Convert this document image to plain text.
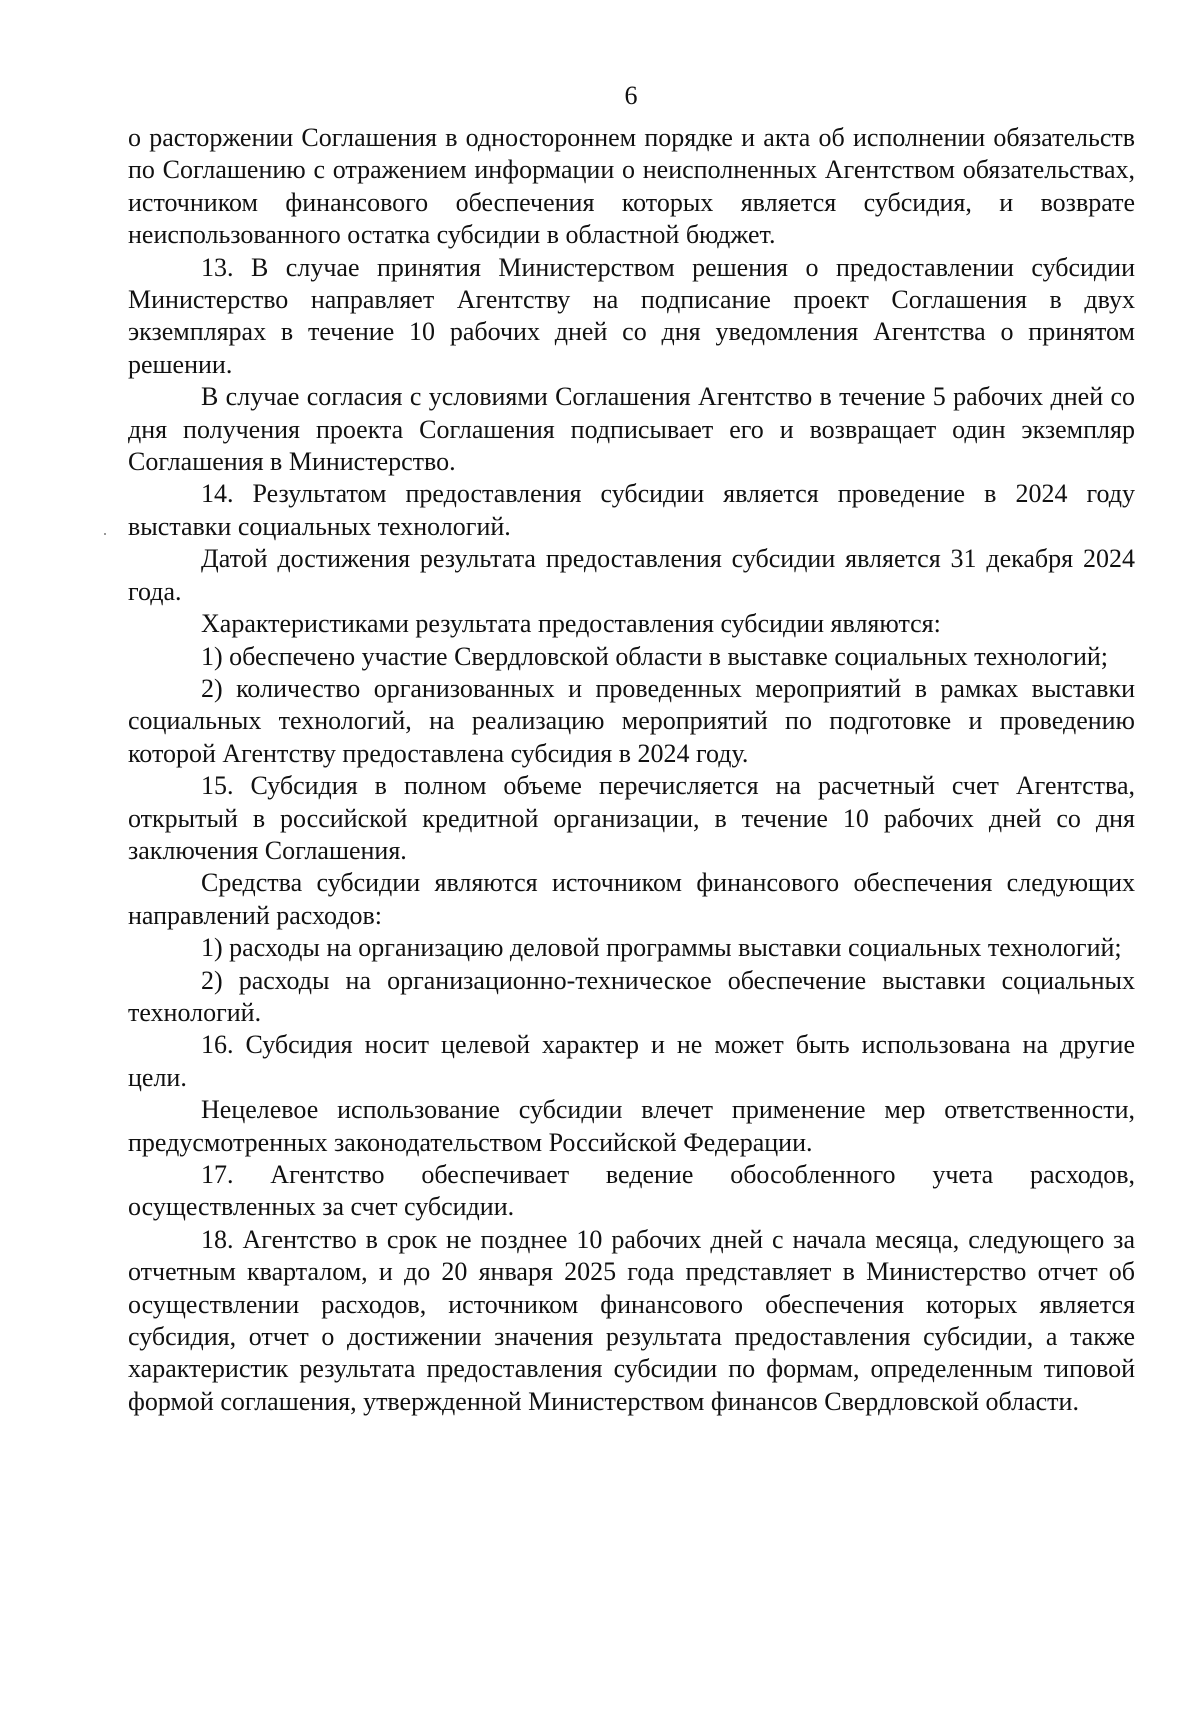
6

о расторжении Соглашения в одностороннем порядке и акта об исполнении обязательств по Соглашению с отражением информации о неисполненных Агентством обязательствах, источником финансового обеспечения которых является субсидия, и возврате неиспользованного остатка субсидии в областной бюджет.

13. В случае принятия Министерством решения о предоставлении субсидии Министерство направляет Агентству на подписание проект Соглашения в двух экземплярах в течение 10 рабочих дней со дня уведомления Агентства о принятом решении.

В случае согласия с условиями Соглашения Агентство в течение 5 рабочих дней со дня получения проекта Соглашения подписывает его и возвращает один экземпляр Соглашения в Министерство.

14. Результатом предоставления субсидии является проведение в 2024 году выставки социальных технологий.

Датой достижения результата предоставления субсидии является 31 декабря 2024 года.

Характеристиками результата предоставления субсидии являются:

1) обеспечено участие Свердловской области в выставке социальных технологий;

2) количество организованных и проведенных мероприятий в рамках выставки социальных технологий, на реализацию мероприятий по подготовке и проведению которой Агентству предоставлена субсидия в 2024 году.

15. Субсидия в полном объеме перечисляется на расчетный счет Агентства, открытый в российской кредитной организации, в течение 10 рабочих дней со дня заключения Соглашения.

Средства субсидии являются источником финансового обеспечения следующих направлений расходов:

1) расходы на организацию деловой программы выставки социальных технологий;

2) расходы на организационно-техническое обеспечение выставки социальных технологий.

16. Субсидия носит целевой характер и не может быть использована на другие цели.

Нецелевое использование субсидии влечет применение мер ответственности, предусмотренных законодательством Российской Федерации.

17. Агентство обеспечивает ведение обособленного учета расходов, осуществленных за счет субсидии.

18. Агентство в срок не позднее 10 рабочих дней с начала месяца, следующего за отчетным кварталом, и до 20 января 2025 года представляет в Министерство отчет об осуществлении расходов, источником финансового обеспечения которых является субсидия, отчет о достижении значения результата предоставления субсидии, а также характеристик результата предоставления субсидии по формам, определенным типовой формой соглашения, утвержденной Министерством финансов Свердловской области.
